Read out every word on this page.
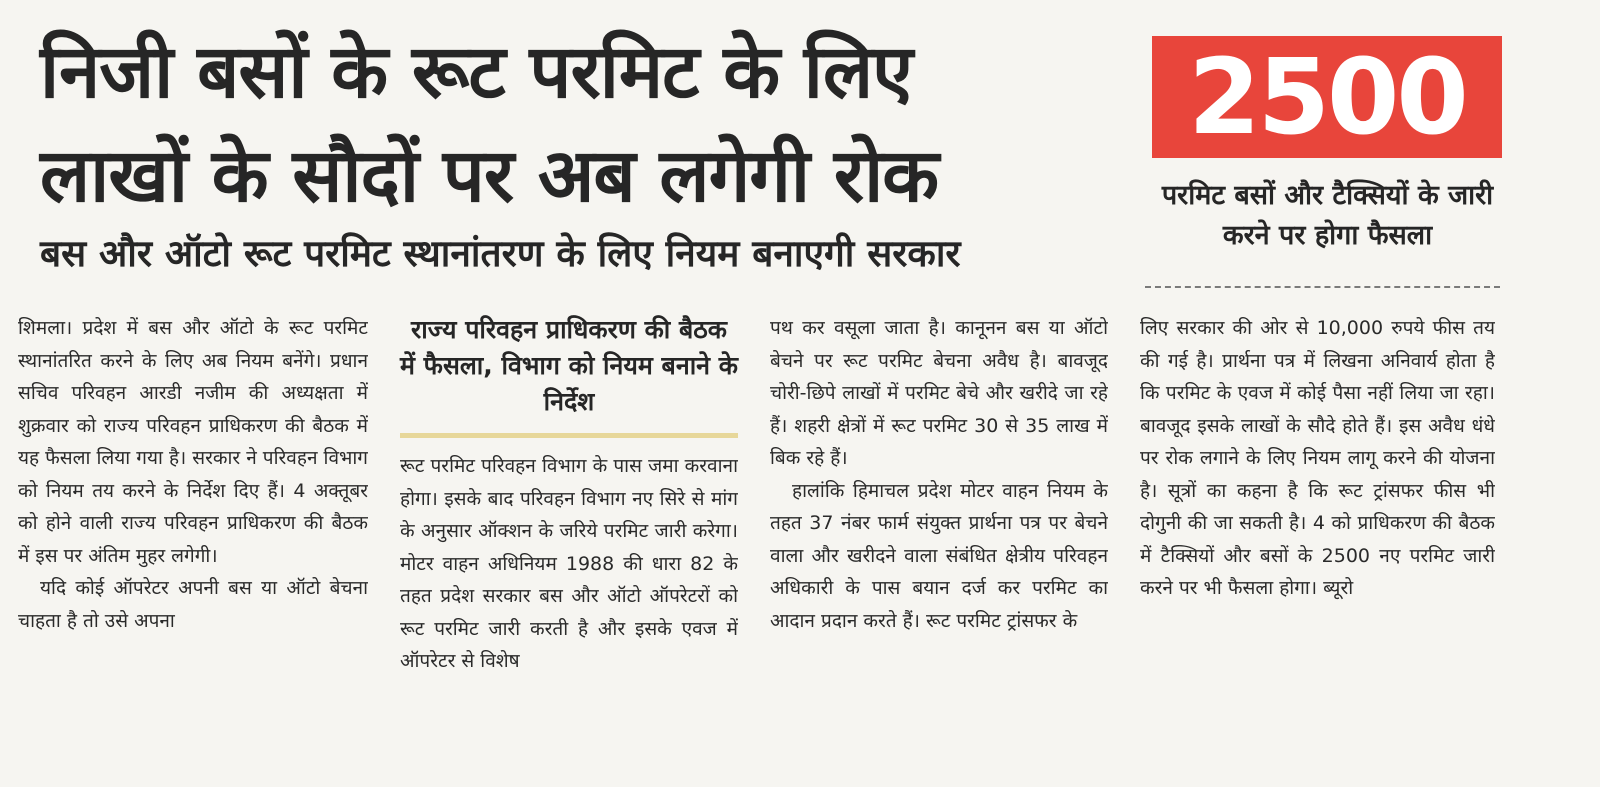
निजी बसों के रूट परमिट के लिए
लाखों के सौदों पर अब लगेगी रोक
बस और ऑटो रूट परमिट स्थानांतरण के लिए नियम बनाएगी सरकार
2500
परमिट बसों और टैक्सियों के जारी करने पर होगा फैसला

शिमला। प्रदेश में बस और ऑटो के रूट परमिट स्थानांतरित करने के लिए अब नियम बनेंगे। प्रधान सचिव परिवहन आरडी नजीम की अध्यक्षता में शुक्रवार को राज्य परिवहन प्राधिकरण की बैठक में यह फैसला लिया गया है। सरकार ने परिवहन विभाग को नियम तय करने के निर्देश दिए हैं। 4 अक्तूबर को होने वाली राज्य परिवहन प्राधिकरण की बैठक में इस पर अंतिम मुहर लगेगी।

यदि कोई ऑपरेटर अपनी बस या ऑटो बेचना चाहता है तो उसे अपना

राज्य परिवहन प्राधिकरण की बैठक में फैसला, विभाग को नियम बनाने के निर्देश

रूट परमिट परिवहन विभाग के पास जमा करवाना होगा। इसके बाद परिवहन विभाग नए सिरे से मांग के अनुसार ऑक्शन के जरिये परमिट जारी करेगा। मोटर वाहन अधिनियम 1988 की धारा 82 के तहत प्रदेश सरकार बस और ऑटो ऑपरेटरों को रूट परमिट जारी करती है और इसके एवज में ऑपरेटर से विशेष

पथ कर वसूला जाता है। कानूनन बस या ऑटो बेचने पर रूट परमिट बेचना अवैध है। बावजूद चोरी-छिपे लाखों में परमिट बेचे और खरीदे जा रहे हैं। शहरी क्षेत्रों में रूट परमिट 30 से 35 लाख में बिक रहे हैं।

हालांकि हिमाचल प्रदेश मोटर वाहन नियम के तहत 37 नंबर फार्म संयुक्त प्रार्थना पत्र पर बेचने वाला और खरीदने वाला संबंधित क्षेत्रीय परिवहन अधिकारी के पास बयान दर्ज कर परमिट का आदान प्रदान करते हैं। रूट परमिट ट्रांसफर के

लिए सरकार की ओर से 10,000 रुपये फीस तय की गई है। प्रार्थना पत्र में लिखना अनिवार्य होता है कि परमिट के एवज में कोई पैसा नहीं लिया जा रहा। बावजूद इसके लाखों के सौदे होते हैं। इस अवैध धंधे पर रोक लगाने के लिए नियम लागू करने की योजना है। सूत्रों का कहना है कि रूट ट्रांसफर फीस भी दोगुनी की जा सकती है। 4 को प्राधिकरण की बैठक में टैक्सियों और बसों के 2500 नए परमिट जारी करने पर भी फैसला होगा। ब्यूरो
